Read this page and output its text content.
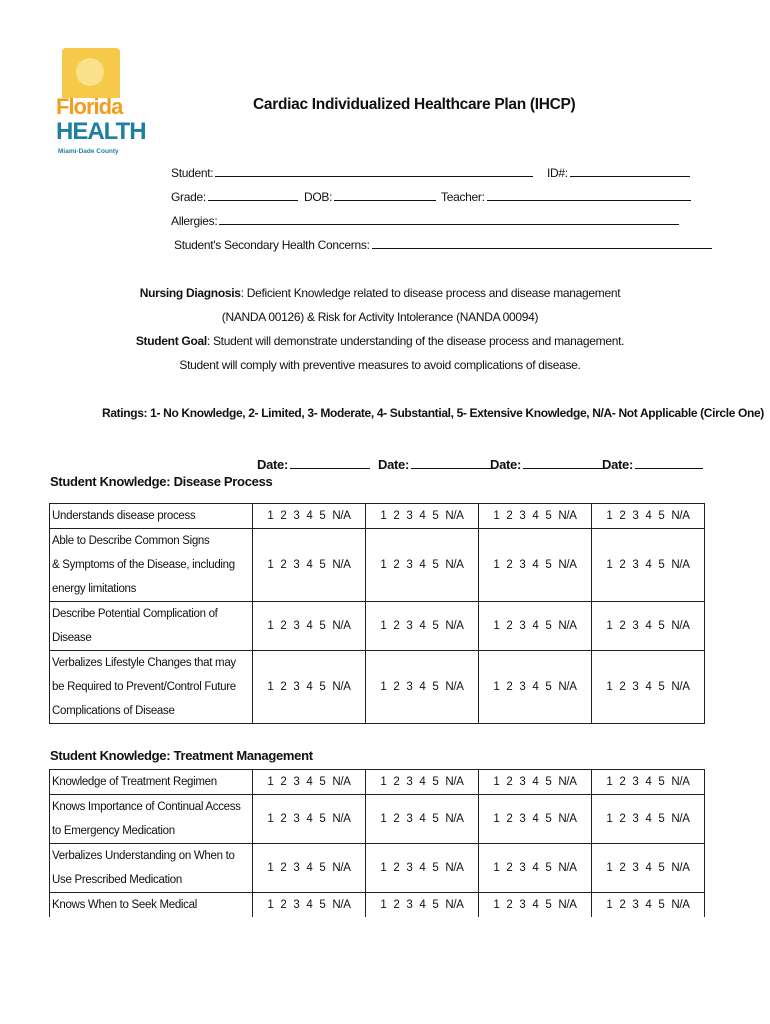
Florida
HEALTH
Miami-Dade County
Cardiac Individualized Healthcare Plan (IHCP)
Student:	ID#:
Grade:	DOB:	Teacher:
Allergies:
Student's Secondary Health Concerns:
Nursing Diagnosis: Deficient Knowledge related to disease process and disease management
(NANDA 00126) & Risk for Activity Intolerance (NANDA 00094)
Student Goal: Student will demonstrate understanding of the disease process and management.
Student will comply with preventive measures to avoid complications of disease.
Ratings: 1- No Knowledge, 2- Limited, 3- Moderate, 4- Substantial, 5- Extensive Knowledge, N/A- Not Applicable (Circle One)
Date:	Date:	Date:	Date:
Student Knowledge: Disease Process
Understands disease process	1 2 3 4 5 N/A	1 2 3 4 5 N/A	1 2 3 4 5 N/A	1 2 3 4 5 N/A

Able to Describe Common Signs
& Symptoms of the Disease, including
energy limitations	1 2 3 4 5 N/A	1 2 3 4 5 N/A	1 2 3 4 5 N/A	1 2 3 4 5 N/A

Describe Potential Complication of
Disease	1 2 3 4 5 N/A	1 2 3 4 5 N/A	1 2 3 4 5 N/A	1 2 3 4 5 N/A

Verbalizes Lifestyle Changes that may
be Required to Prevent/Control Future
Complications of Disease	1 2 3 4 5 N/A	1 2 3 4 5 N/A	1 2 3 4 5 N/A	1 2 3 4 5 N/A
Student Knowledge: Treatment Management
Knowledge of Treatment Regimen	1 2 3 4 5 N/A	1 2 3 4 5 N/A	1 2 3 4 5 N/A	1 2 3 4 5 N/A

Knows Importance of Continual Access
to Emergency Medication	1 2 3 4 5 N/A	1 2 3 4 5 N/A	1 2 3 4 5 N/A	1 2 3 4 5 N/A

Verbalizes Understanding on When to
Use Prescribed Medication	1 2 3 4 5 N/A	1 2 3 4 5 N/A	1 2 3 4 5 N/A	1 2 3 4 5 N/A
Knows When to Seek Medical	1 2 3 4 5 N/A	1 2 3 4 5 N/A	1 2 3 4 5 N/A	1 2 3 4 5 N/A
